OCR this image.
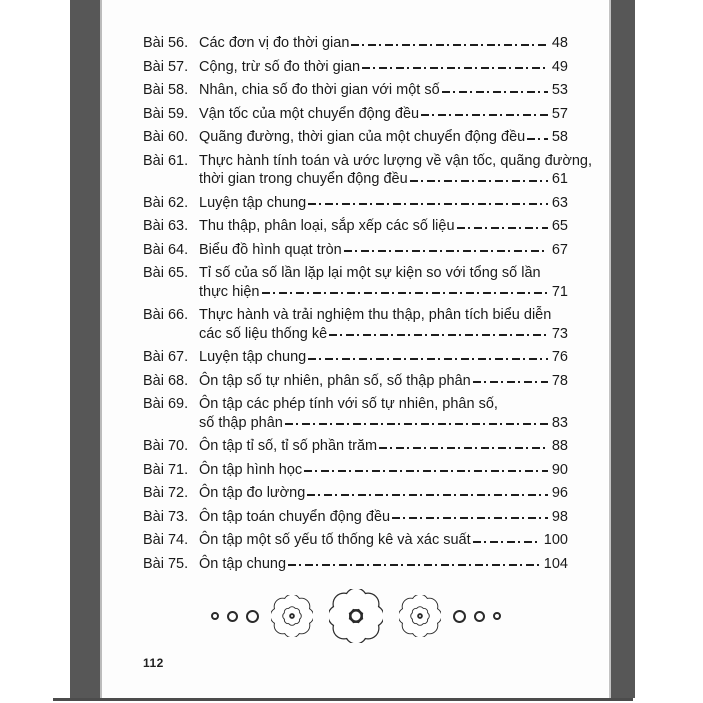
Bài 56. Các đơn vị đo thời gian	48
Bài 57. Cộng, trừ số đo thời gian	49
Bài 58. Nhân, chia số đo thời gian với một số	53
Bài 59. Vận tốc của một chuyển động đều	57
Bài 60. Quãng đường, thời gian của một chuyển động đều 58
Bài 61. Thực hành tính toán và ước lượng về vận tốc, quãng đường,
thời gian trong chuyển động đều	61
Bài 62. Luyện tập chung	63
Bài 63. Thu thập, phân loại, sắp xếp các số liệu	65
Bài 64. Biểu đồ hình quạt tròn	67
Bài 65. Tỉ số của số lần lặp lại một sự kiện so với tổng số lần
thực hiện	71
Bài 66. Thực hành và trải nghiệm thu thập, phân tích biểu diễn
các số liệu thống kê	73
Bài 67. Luyện tập chung	76
Bài 68. Ôn tập số tự nhiên, phân số, số thập phân	78
Bài 69. Ôn tập các phép tính với số tự nhiên, phân số,
số thập phân	83
Bài 70. Ôn tập tỉ số, tỉ số phần trăm	88
Bài 71. Ôn tập hình học	90
Bài 72. Ôn tập đo lường	96
Bài 73. Ôn tập toán chuyển động đều	98
Bài 74. Ôn tập một số yếu tố thống kê và xác suất	100
Bài 75. Ôn tập chung	104
112
